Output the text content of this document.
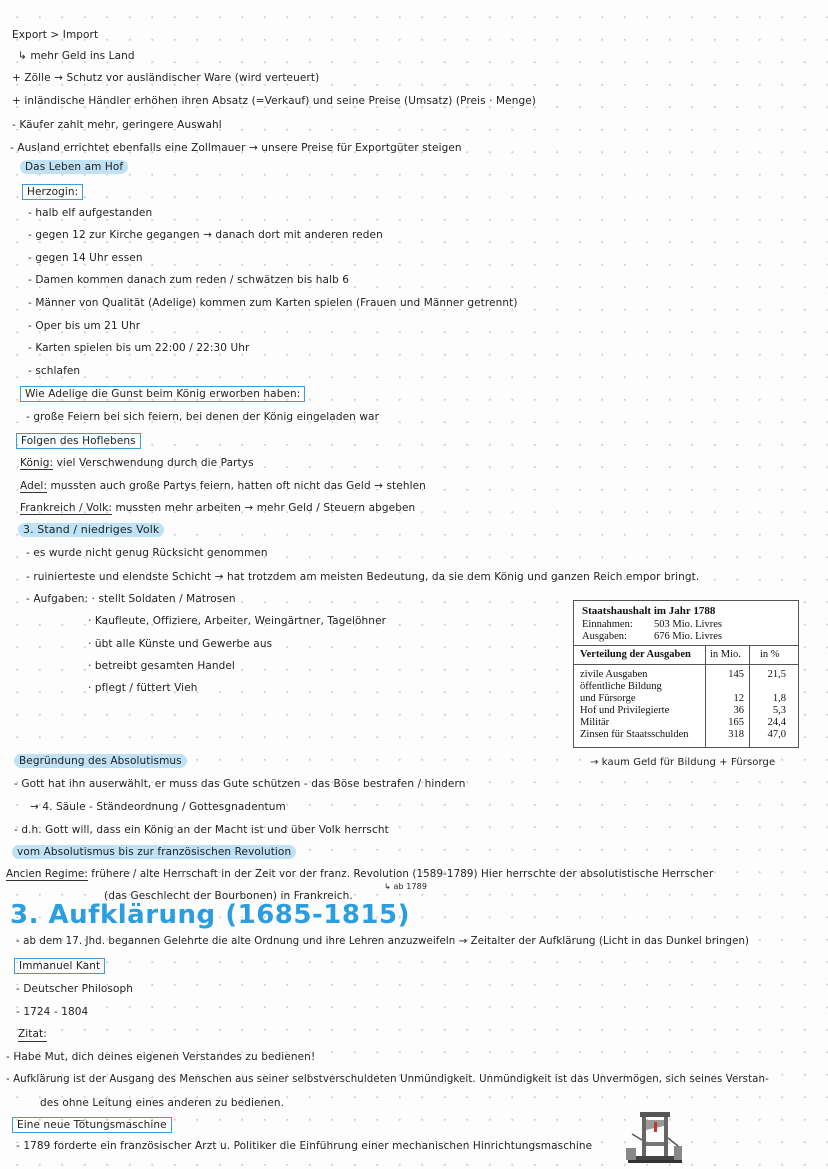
Export > Import
↳ mehr Geld ins Land
+ Zölle → Schutz vor ausländischer Ware (wird verteuert)
+ inländische Händler erhöhen ihren Absatz (=Verkauf) und seine Preise (Umsatz) (Preis · Menge)
- Käufer zahlt mehr, geringere Auswahl
- Ausland errichtet ebenfalls eine Zollmauer → unsere Preise für Exportgüter steigen
Das Leben am Hof
Herzogin:
- halb elf aufgestanden
- gegen 12 zur Kirche gegangen → danach dort mit anderen reden
- gegen 14 Uhr essen
- Damen kommen danach zum reden / schwätzen bis halb 6
- Männer von Qualität (Adelige) kommen zum Karten spielen (Frauen und Männer getrennt)
- Oper bis um 21 Uhr
- Karten spielen bis um 22:00 / 22:30 Uhr
- schlafen
Wie Adelige die Gunst beim König erworben haben:
- große Feiern bei sich feiern, bei denen der König eingeladen war
Folgen des Hoflebens
König: viel Verschwendung durch die Partys
Adel: mussten auch große Partys feiern, hatten oft nicht das Geld → stehlen
Frankreich / Volk: mussten mehr arbeiten → mehr Geld / Steuern abgeben
3. Stand / niedriges Volk
- es wurde nicht genug Rücksicht genommen
- ruinierteste und elendste Schicht → hat trotzdem am meisten Bedeutung, da sie dem König und ganzen Reich empor bringt.
- Aufgaben: · stellt Soldaten / Matrosen
· Kaufleute, Offiziere, Arbeiter, Weingärtner, Tagelöhner
· übt alle Künste und Gewerbe aus
· betreibt gesamten Handel
· pflegt / füttert Vieh
Staatshaushalt im Jahr 1788
Einnahmen: 503 Mio. Livres
Ausgaben:	676 Mio. Livres
Verteilung der Ausgaben in Mio. in %
zivile Ausgaben	145	21,5
öffentliche Bildung
und Fürsorge	12	1,8
Hof und Privilegierte	36	5,3
Militär	165	24,4
Zinsen für Staatsschulden	318	47,0
→ kaum Geld für Bildung + Fürsorge
Begründung des Absolutismus
- Gott hat ihn auserwählt, er muss das Gute schützen - das Böse bestrafen / hindern
→ 4. Säule - Ständeordnung / Gottesgnadentum
- d.h. Gott will, dass ein König an der Macht ist und über Volk herrscht
vom Absolutismus bis zur französischen Revolution
Ancien Regime: frühere / alte Herrschaft in der Zeit vor der franz. Revolution (1589-1789) Hier herrschte der absolutistische Herrscher
↳ ab 1789
(das Geschlecht der Bourbonen) in Frankreich.
3. Aufklärung (1685-1815)
- ab dem 17. Jhd. begannen Gelehrte die alte Ordnung und ihre Lehren anzuzweifeln → Zeitalter der Aufklärung (Licht in das Dunkel bringen)
Immanuel Kant
- Deutscher Philosoph
- 1724 - 1804
Zitat:
- Habe Mut, dich deines eigenen Verstandes zu bedienen!
- Aufklärung ist der Ausgang des Menschen aus seiner selbstverschuldeten Unmündigkeit. Unmündigkeit ist das Unvermögen, sich seines Verstan-
des ohne Leitung eines anderen zu bedienen.
Eine neue Tötungsmaschine
- 1789 forderte ein französischer Arzt u. Politiker die Einführung einer mechanischen Hinrichtungsmaschine
